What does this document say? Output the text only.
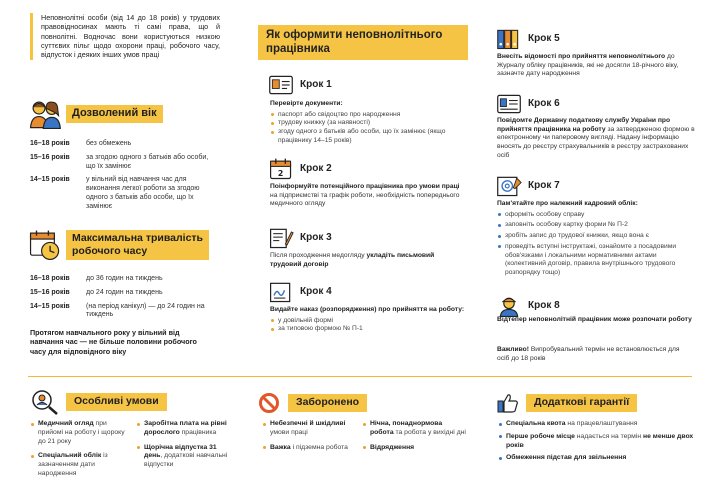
Неповнолітні особи (від 14 до 18 років) у трудових правовідносинах мають ті самі права, що й повнолітні. Водночас вони користуються низкою суттєвих пільг щодо охорони праці, робочого часу, відпусток і деяких інших умов праці
Дозволений вік
16–18 років	без обмежень
15–16 років	за згодою одного з батьків або особи, що їх замінює
14–15 років	у вільний від навчання час для виконання легкої роботи за згодою одного з батьків або особи, що їх замінює
Максимальна тривалість
робочого часу
16–18 років	до 36 годин на тиждень
15–16 років	до 24 годин на тиждень
14–15 років	(на період канікул) — до 24 годин на тиждень
Протягом навчального року у вільний від навчання час — не більше половини робочого часу для відповідного віку
Як оформити неповнолітнього працівника
Крок 1
Перевірте документи:
паспорт або свідоцтво про народження
трудову книжку (за наявності)
згоду одного з батьків або особи, що їх замінює (якщо працівнику 14–15 років)
2 Крок 2
Поінформуйте потенційного працівника про умови праці на підприємстві та графік роботи, необхідність попереднього медичного огляду
Крок 3
Після проходження медогляду укладіть письмовий трудовий договір
Крок 4
Видайте наказ (розпорядження) про прийняття на роботу:
у довільній формі
за типовою формою № П-1
Крок 5
Внесіть відомості про прийняття неповнолітнього до Журналу обліку працівників, які не досягли 18-річного віку, зазначте дату народження
Крок 6
Повідомте Державну податкову службу України про прийняття працівника на роботу за затвердженою формою в електронному чи паперовому вигляді. Надану інформацію вносять до реєстру страхувальників в реєстру застрахованих осіб
Крок 7
Пам'ятайте про належний кадровий облік:
оформіть особову справу
заповніть особову картку форми № П-2
зробіть запис до трудової книжки, якщо вона є
проведіть вступні інструктажі, ознайомте з посадовими обов'язками і локальними нормативними актами (колективний договір, правила внутрішнього трудового розпорядку тощо)
Крок 8
Відтепер неповнолітній працівник може розпочати роботу
Важливо! Випробувальний термін не встановлюється для осіб до 18 років
Особливі умови
Медичний огляд при прийомі на роботу і щороку до 21 року
Спеціальний облік із зазначенням дати народження
Заробітна плата на рівні дорослого працівника
Щорічна відпустка 31 день, додаткові навчальні відпустки
Заборонено
Небезпечні й шкідливі умови праці
Важка і підземна робота
Нічна, понаднормова робота та робота у вихідні дні
Відрядження
Додаткові гарантії
Спеціальна квота на працевлаштування
Перше робоче місце надається на термін не менше двох років
Обмеження підстав для звільнення
